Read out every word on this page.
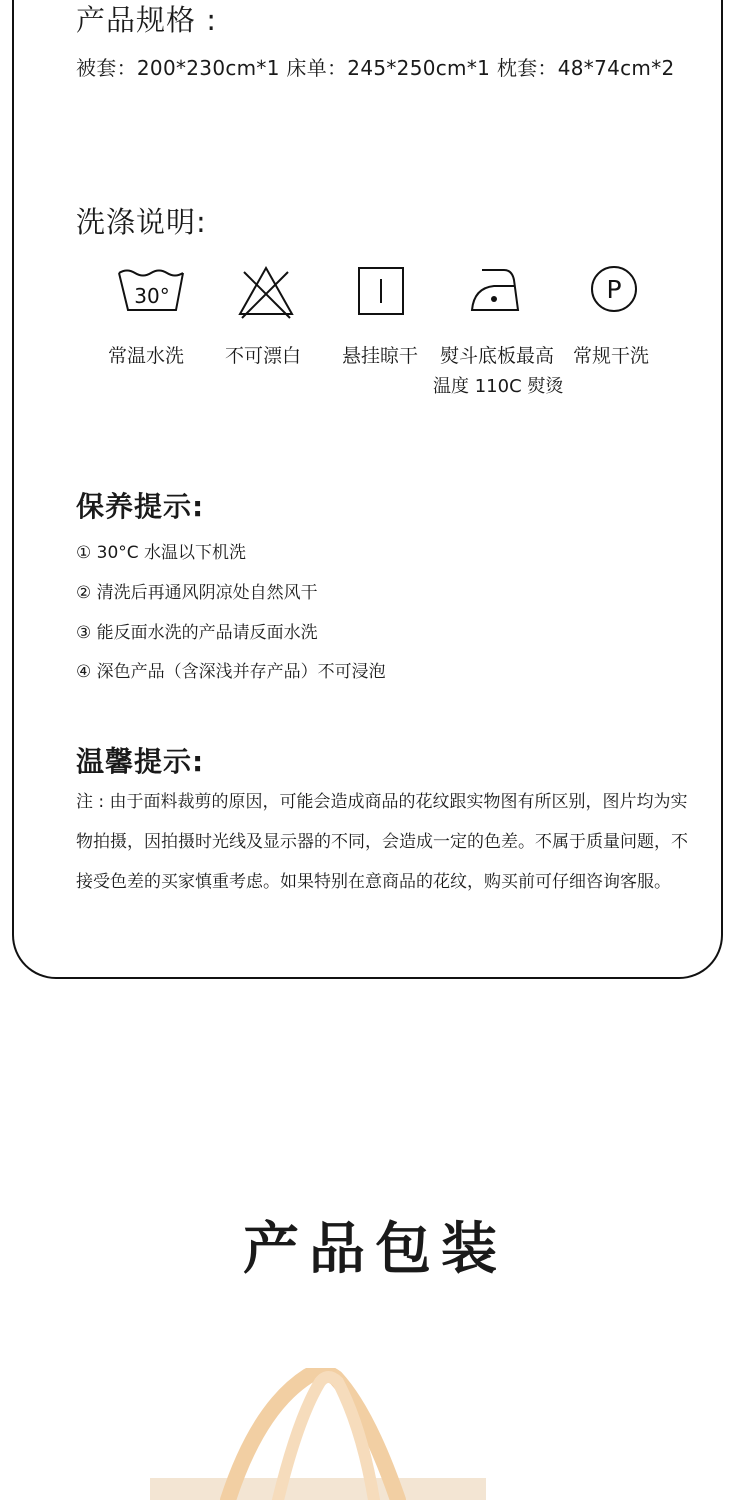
产品规格 :
被套：200*230cm*1 床单：245*250cm*1 枕套：48*74cm*2
洗涤说明:
30°	P
常温水洗 不可漂白 悬挂晾干 熨斗底板最高
温度 110C 熨烫
常规干洗
保养提示:
① 30°C 水温以下机洗
② 清洗后再通风阴凉处自然风干
③ 能反面水洗的产品请反面水洗
④ 深色产品（含深浅并存产品）不可浸泡
温馨提示:
注 : 由于面料裁剪的原因，可能会造成商品的花纹跟实物图有所区别，图片均为实物拍摄，因拍摄时光线及显示器的不同，会造成一定的色差。不属于质量问题，不接受色差的买家慎重考虑。如果特别在意商品的花纹，购买前可仔细咨询客服。
产品包装
